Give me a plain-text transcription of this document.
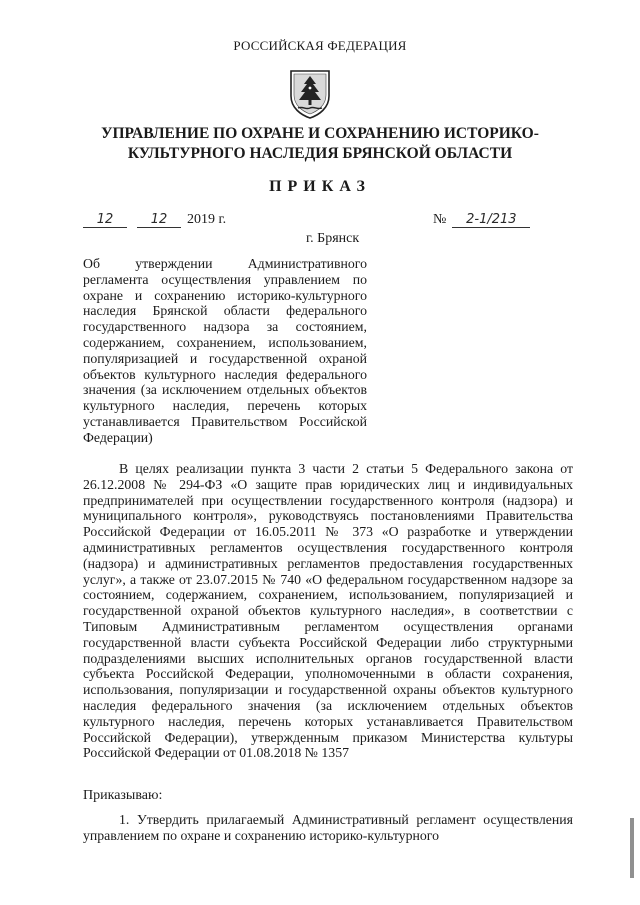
РОССИЙСКАЯ ФЕДЕРАЦИЯ
УПРАВЛЕНИЕ ПО ОХРАНЕ И СОХРАНЕНИЮ ИСТОРИКО-КУЛЬТУРНОГО НАСЛЕДИЯ БРЯНСКОЙ ОБЛАСТИ
ПРИКАЗ
12	12	2019 г.	№	2-1/213
г. Брянск
Об утверждении Административного регламента осуществления управлением по охране и сохранению историко-культурного наследия Брянской области федерального государственного надзора за состоянием, содержанием, сохранением, использованием, популяризацией и государственной охраной объектов культурного наследия федерального значения (за исключением отдельных объектов культурного наследия, перечень которых устанавливается Правительством Российской Федерации)
В целях реализации пункта 3 части 2 статьи 5 Федерального закона от 26.12.2008 № 294-ФЗ «О защите прав юридических лиц и индивидуальных предпринимателей при осуществлении государственного контроля (надзора) и муниципального контроля», руководствуясь постановлениями Правительства Российской Федерации от 16.05.2011 № 373 «О разработке и утверждении административных регламентов осуществления государственного контроля (надзора) и административных регламентов предоставления государственных услуг», а также от 23.07.2015 № 740 «О федеральном государственном надзоре за состоянием, содержанием, сохранением, использованием, популяризацией и государственной охраной объектов культурного наследия», в соответствии с Типовым Административным регламентом осуществления органами государственной власти субъекта Российской Федерации либо структурными подразделениями высших исполнительных органов государственной власти субъекта Российской Федерации, уполномоченными в области сохранения, использования, популяризации и государственной охраны объектов культурного наследия федерального значения (за исключением отдельных объектов культурного наследия, перечень которых устанавливается Правительством Российской Федерации), утвержденным приказом Министерства культуры Российской Федерации от 01.08.2018 № 1357
Приказываю:
1. Утвердить прилагаемый Административный регламент осуществления управлением по охране и сохранению историко-культурного
